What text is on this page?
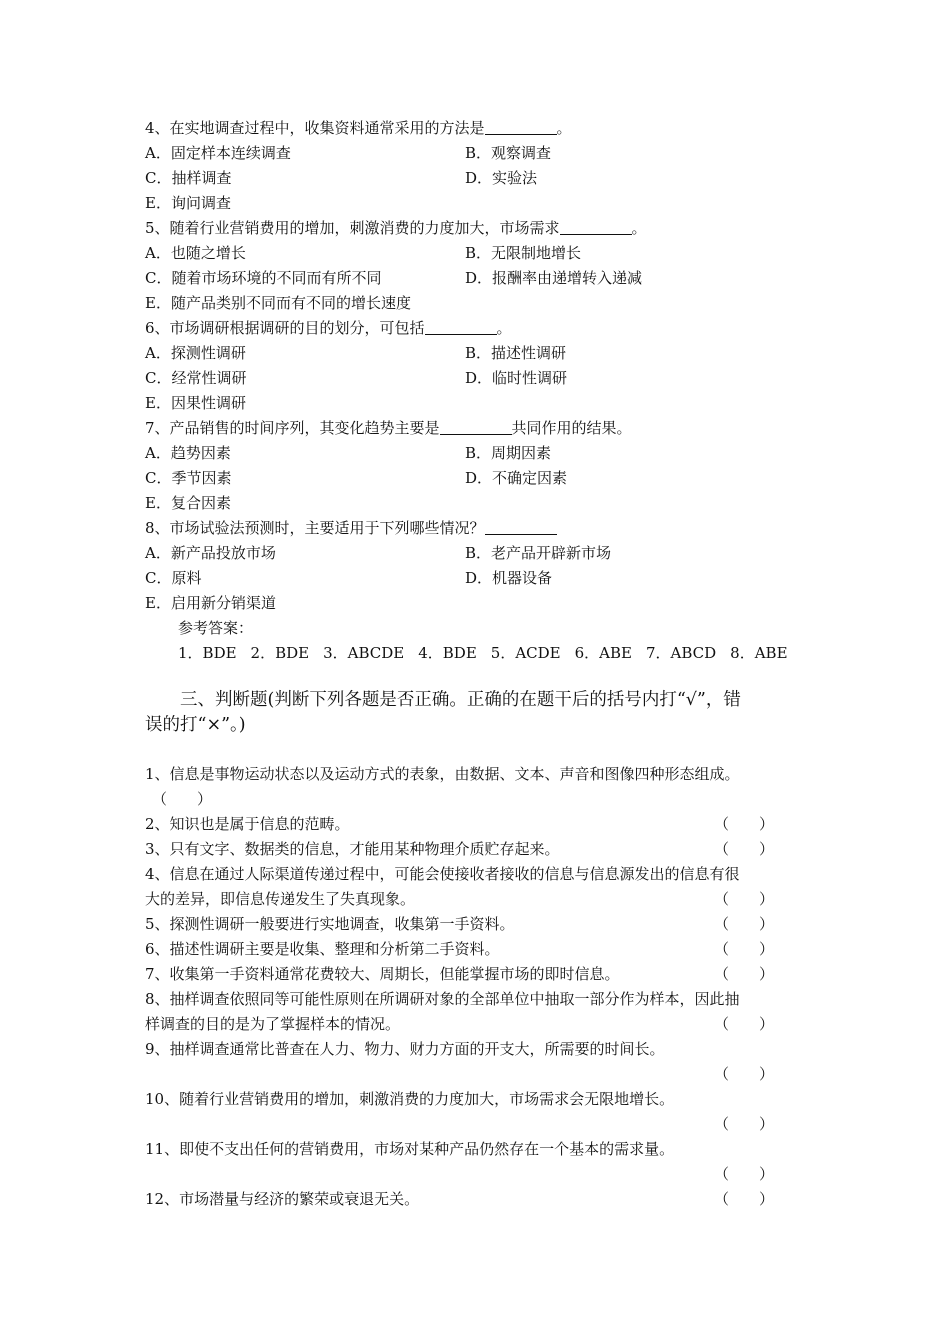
4、在实地调查过程中，收集资料通常采用的方法是	。
A．固定样本连续调查	B．观察调查
C．抽样调查	D．实验法
E．询问调查
5、随着行业营销费用的增加，刺激消费的力度加大，市场需求	。
A．也随之增长	B．无限制地增长
C．随着市场环境的不同而有所不同	D．报酬率由递增转入递减
E．随产品类别不同而有不同的增长速度
6、市场调研根据调研的目的划分，可包括	。
A．探测性调研	B．描述性调研
C．经常性调研	D．临时性调研
E．因果性调研
7、产品销售的时间序列，其变化趋势主要是	共同作用的结果。
A．趋势因素	B．周期因素
C．季节因素	D．不确定因素
E．复合因素
8、市场试验法预测时，主要适用于下列哪些情况？
A．新产品投放市场	B．老产品开辟新市场
C．原料	D．机器设备
E．启用新分销渠道
参考答案：
1．BDE 2．BDE 3．ABCDE 4．BDE 5．ACDE 6．ABE 7．ABCD 8．ABE
三、判断题(判断下列各题是否正确。正确的在题干后的括号内打“√”，错
误的打“×”。)
1、信息是事物运动状态以及运动方式的表象，由数据、文本、声音和图像四种形态组成。
（　　）
2、知识也是属于信息的范畴。	（　　）
3、只有文字、数据类的信息，才能用某种物理介质贮存起来。	（　　）
4、信息在通过人际渠道传递过程中，可能会使接收者接收的信息与信息源发出的信息有很
大的差异，即信息传递发生了失真现象。	（　　）
5、探测性调研一般要进行实地调查，收集第一手资料。	（　　）
6、描述性调研主要是收集、整理和分析第二手资料。	（　　）
7、收集第一手资料通常花费较大、周期长，但能掌握市场的即时信息。	（　　）
8、抽样调查依照同等可能性原则在所调研对象的全部单位中抽取一部分作为样本，因此抽
样调查的目的是为了掌握样本的情况。	（　　）
9、抽样调查通常比普查在人力、物力、财力方面的开支大，所需要的时间长。
（　　）
10、随着行业营销费用的增加，刺激消费的力度加大，市场需求会无限地增长。
（　　）
11、即使不支出任何的营销费用，市场对某种产品仍然存在一个基本的需求量。
（　　）
12、市场潜量与经济的繁荣或衰退无关。	（　　）
